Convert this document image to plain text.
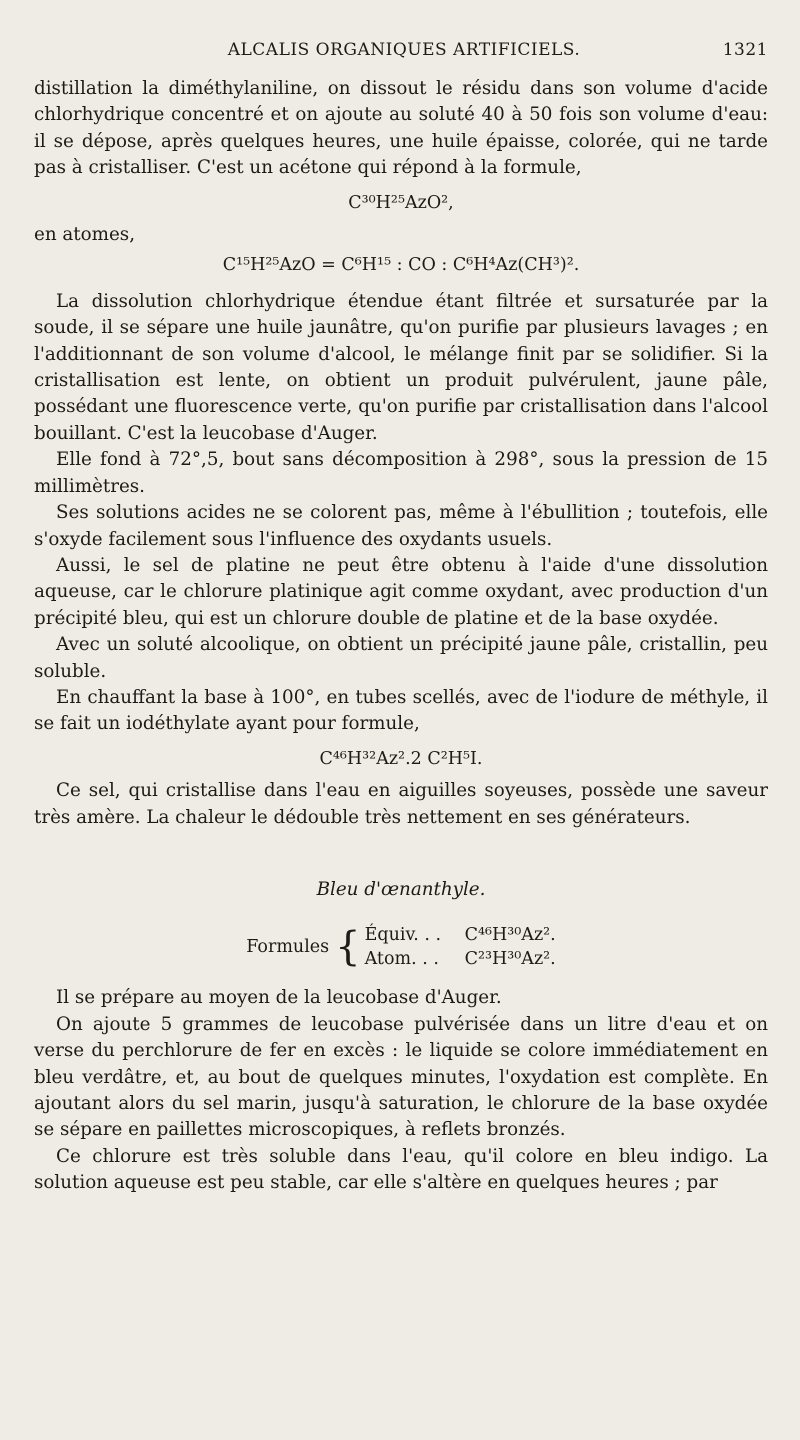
ALCALIS ORGANIQUES ARTIFICIELS.	1321

distillation la diméthylaniline, on dissout le résidu dans son volume d'acide chlorhydrique concentré et on ajoute au soluté 40 à 50 fois son volume d'eau: il se dépose, après quelques heures, une huile épaisse, colorée, qui ne tarde pas à cristalliser. C'est un acétone qui répond à la formule,

C³⁰H²⁵AzO²,

en atomes,

C¹⁵H²⁵AzO = C⁶H¹⁵ : CO : C⁶H⁴Az(CH³)².

La dissolution chlorhydrique étendue étant filtrée et sursaturée par la soude, il se sépare une huile jaunâtre, qu'on purifie par plusieurs lavages ; en l'additionnant de son volume d'alcool, le mélange finit par se solidifier. Si la cristallisation est lente, on obtient un produit pulvérulent, jaune pâle, possédant une fluorescence verte, qu'on purifie par cristallisation dans l'alcool bouillant. C'est la leucobase d'Auger.

Elle fond à 72°,5, bout sans décomposition à 298°, sous la pression de 15 millimètres.

Ses solutions acides ne se colorent pas, même à l'ébullition ; toutefois, elle s'oxyde facilement sous l'influence des oxydants usuels.

Aussi, le sel de platine ne peut être obtenu à l'aide d'une dissolution aqueuse, car le chlorure platinique agit comme oxydant, avec production d'un précipité bleu, qui est un chlorure double de platine et de la base oxydée.

Avec un soluté alcoolique, on obtient un précipité jaune pâle, cristallin, peu soluble.

En chauffant la base à 100°, en tubes scellés, avec de l'iodure de méthyle, il se fait un iodéthylate ayant pour formule,

C⁴⁶H³²Az².2 C²H⁵I.

Ce sel, qui cristallise dans l'eau en aiguilles soyeuses, possède une saveur très amère. La chaleur le dédouble très nettement en ses générateurs.

Bleu d'œnanthyle.
Formules { Équiv. . .	C⁴⁶H³⁰Az².
Atom. . .	C²³H³⁰Az².

Il se prépare au moyen de la leucobase d'Auger.

On ajoute 5 grammes de leucobase pulvérisée dans un litre d'eau et on verse du perchlorure de fer en excès : le liquide se colore immédiatement en bleu verdâtre, et, au bout de quelques minutes, l'oxydation est complète. En ajoutant alors du sel marin, jusqu'à saturation, le chlorure de la base oxydée se sépare en paillettes microscopiques, à reflets bronzés.

Ce chlorure est très soluble dans l'eau, qu'il colore en bleu indigo. La solution aqueuse est peu stable, car elle s'altère en quelques heures ; par
